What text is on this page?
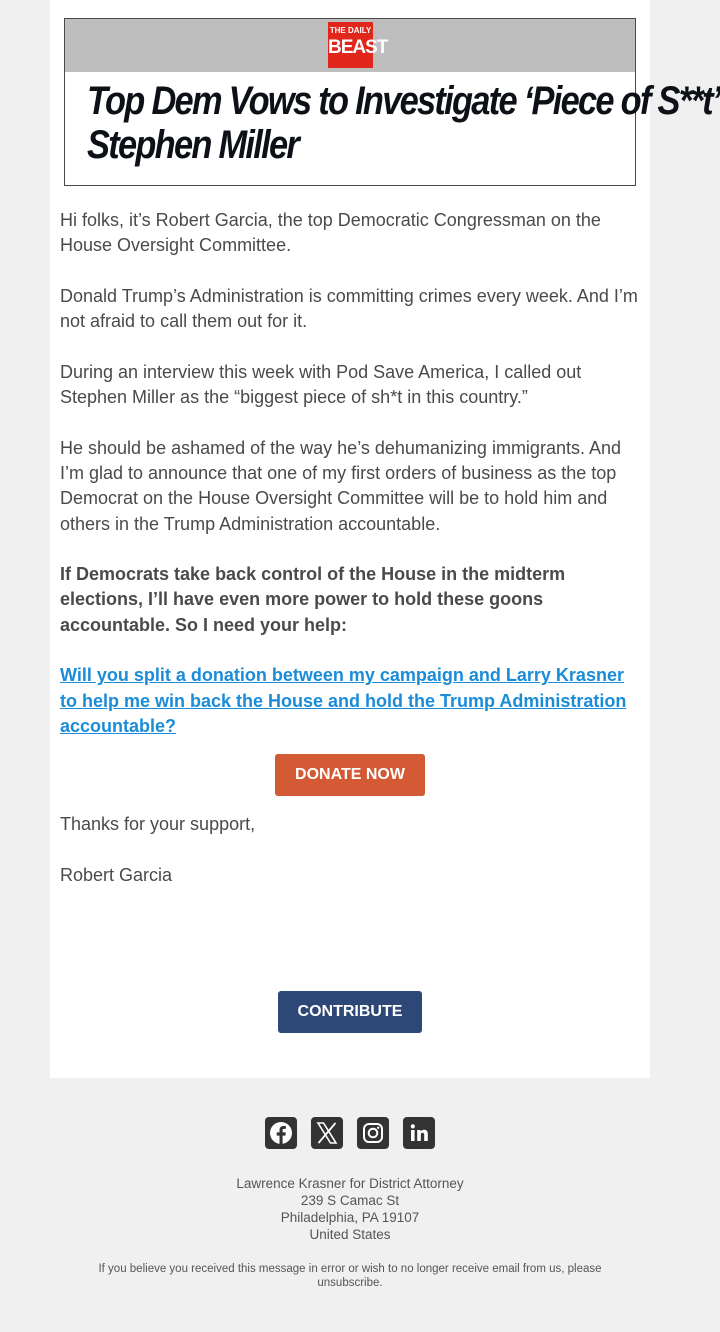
THE DAILY
BEAST
Top Dem Vows to Investigate ‘Piece of S**t’
Stephen Miller

Hi folks, it’s Robert Garcia, the top Democratic Congressman on the House Oversight Committee.

Donald Trump’s Administration is committing crimes every week. And I’m not afraid to call them out for it.

During an interview this week with Pod Save America, I called out Stephen Miller as the “biggest piece of sh*t in this country.”

He should be ashamed of the way he’s dehumanizing immigrants. And I’m glad to announce that one of my first orders of business as the top Democrat on the House Oversight Committee will be to hold him and others in the Trump Administration accountable.

If Democrats take back control of the House in the midterm elections, I’ll have even more power to hold these goons accountable. So I need your help:

Will you split a donation between my campaign and Larry Krasner to help me win back the House and hold the Trump Administration accountable?

DONATE NOW

Thanks for your support,

Robert Garcia

CONTRIBUTE

Lawrence Krasner for District Attorney
239 S Camac St
Philadelphia, PA 19107
United States
If you believe you received this message in error or wish to no longer receive email from us, please unsubscribe.
